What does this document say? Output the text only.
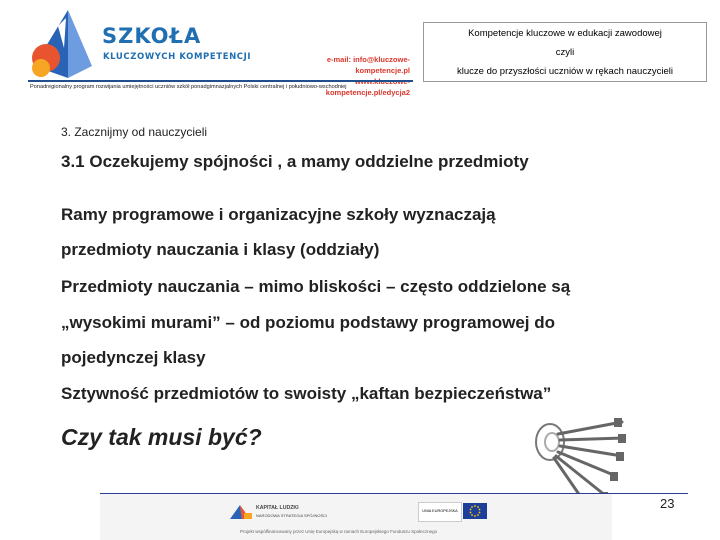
SZKOŁA
KLUCZOWYCH KOMPETENCJI	e-mail: info@kluczowe-kompetencje.pl
kompetencje.pl/edycja2
Ponadregionalny program rozwijania umiejętności uczniów szkół ponadgimnazjalnych Polski centralnej i południowo-wschodniej
Kompetencje kluczowe w edukacji zawodowej
czyli
klucze do przyszłości uczniów w rękach nauczycieli
3. Zacznijmy od nauczycieli
3.1 Oczekujemy spójności , a mamy oddzielne przedmioty
Ramy programowe i organizacyjne szkoły wyznaczają
przedmioty nauczania i klasy (oddziały)
Przedmioty nauczania – mimo bliskości – często oddzielone są
„wysokimi murami” – od poziomu podstawy programowej do
pojedynczej klasy
Sztywność przedmiotów to swoisty „kaftan bezpieczeństwa”
Czy tak musi być?
KAPITAŁ LUDZKI
NARODOWA STRATEGIA SPÓJNOŚCI
UNIA EUROPEJSKA
Projekt współfinansowany przez Unię Europejską w ramach Europejskiego Funduszu Społecznego
23
